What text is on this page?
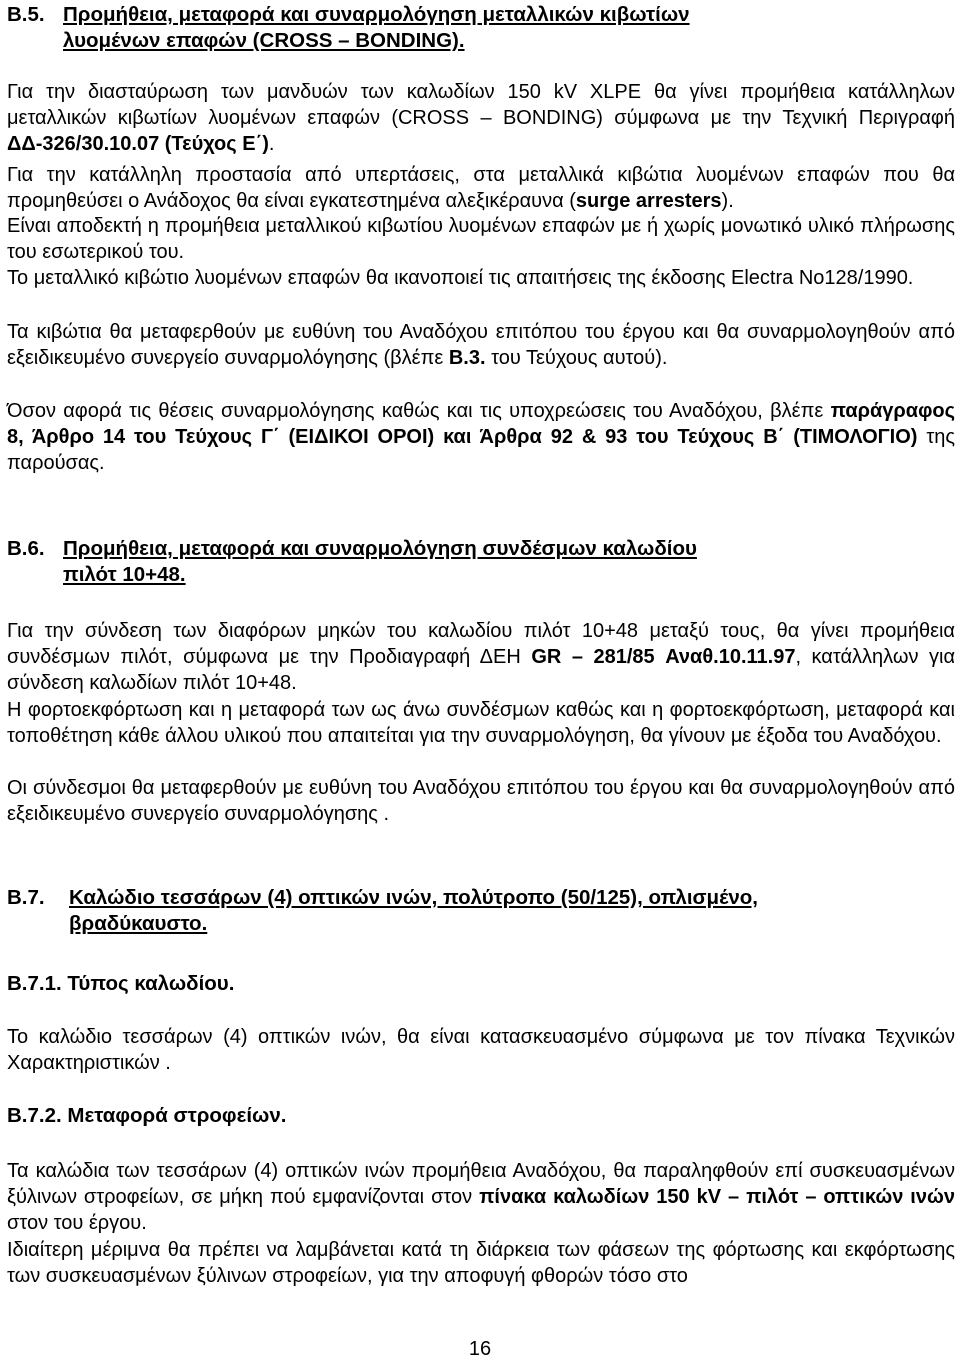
Β.5. Προμήθεια, μεταφορά και συναρμολόγηση μεταλλικών κιβωτίων
λυομένων επαφών (CROSS – BONDING).

Για την διασταύρωση των μανδυών των καλωδίων 150 kV XLPE θα γίνει προμήθεια κατάλληλων μεταλλικών κιβωτίων λυομένων επαφών (CROSS – BONDING) σύμφωνα με την Τεχνική Περιγραφή ΔΔ-326/30.10.07 (Τεύχος Ε΄).

Για την κατάλληλη προστασία από υπερτάσεις, στα μεταλλικά κιβώτια λυομένων επαφών που θα προμηθεύσει ο Ανάδοχος θα είναι εγκατεστημένα αλεξικέραυνα (surge arresters).

Είναι αποδεκτή η προμήθεια μεταλλικού κιβωτίου λυομένων επαφών με ή χωρίς μονωτικό υλικό πλήρωσης του εσωτερικού του.

Το μεταλλικό κιβώτιο λυομένων επαφών θα ικανοποιεί τις απαιτήσεις της έκδοσης Electra No128/1990.

Τα κιβώτια θα μεταφερθούν με ευθύνη του Αναδόχου επιτόπου του έργου και θα συναρμολογηθούν από εξειδικευμένο συνεργείο συναρμολόγησης (βλέπε Β.3. του Τεύχους αυτού).

Όσον αφορά τις θέσεις συναρμολόγησης καθώς και τις υποχρεώσεις του Αναδόχου, βλέπε παράγραφος 8, Άρθρο 14 του Τεύχους Γ΄ (ΕΙΔΙΚΟΙ ΟΡΟΙ) και Άρθρα 92 & 93 του Τεύχους Β΄ (ΤΙΜΟΛΟΓΙΟ) της παρούσας.

Β.6. Προμήθεια, μεταφορά και συναρμολόγηση συνδέσμων καλωδίου
πιλότ 10+48.

Για την σύνδεση των διαφόρων μηκών του καλωδίου πιλότ 10+48 μεταξύ τους, θα γίνει προμήθεια συνδέσμων πιλότ, σύμφωνα με την Προδιαγραφή ΔΕΗ GR – 281/85 Αναθ.10.11.97, κατάλληλων για σύνδεση καλωδίων πιλότ 10+48.

Η φορτοεκφόρτωση και η μεταφορά των ως άνω συνδέσμων καθώς και η φορτοεκφόρτωση, μεταφορά και τοποθέτηση κάθε άλλου υλικού που απαιτείται για την συναρμολόγηση, θα γίνουν με έξοδα του Αναδόχου.

Οι σύνδεσμοι θα μεταφερθούν με ευθύνη του Αναδόχου επιτόπου του έργου και θα συναρμολογηθούν από εξειδικευμένο συνεργείο συναρμολόγησης .

Β.7. Καλώδιο τεσσάρων (4) οπτικών ινών, πολύτροπο (50/125), οπλισμένο,
βραδύκαυστο.
Β.7.1. Τύπος καλωδίου.

Το καλώδιο τεσσάρων (4) οπτικών ινών, θα είναι κατασκευασμένο σύμφωνα με τον πίνακα Τεχνικών Χαρακτηριστικών .

Β.7.2. Μεταφορά στροφείων.

Τα καλώδια των τεσσάρων (4) οπτικών ινών προμήθεια Αναδόχου, θα παραληφθούν επί συσκευασμένων ξύλινων στροφείων, σε μήκη πού εμφανίζονται στον πίνακα καλωδίων 150 kV – πιλότ – οπτικών ινών στον του έργου.

Ιδιαίτερη μέριμνα θα πρέπει να λαμβάνεται κατά τη διάρκεια των φάσεων της φόρτωσης και εκφόρτωσης των συσκευασμένων ξύλινων στροφείων, για την αποφυγή φθορών τόσο στο

16
